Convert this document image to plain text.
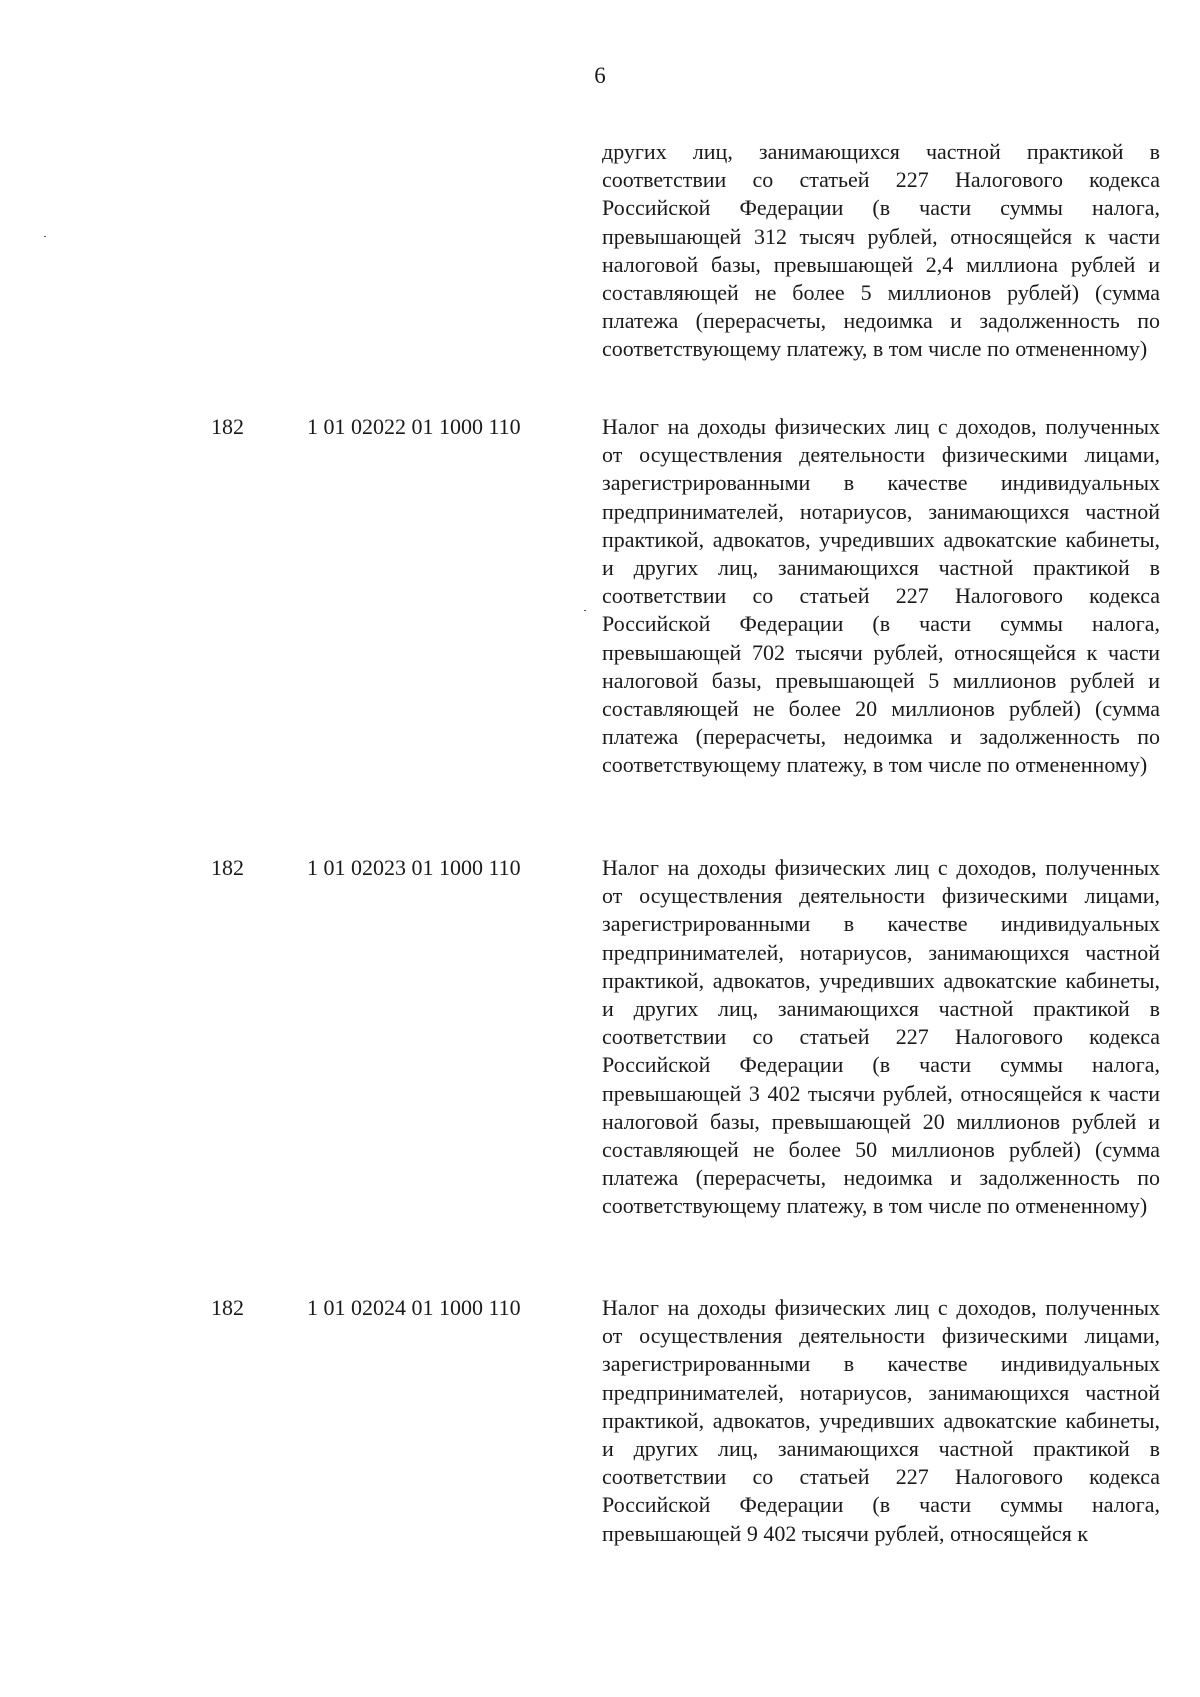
6

других лиц, занимающихся частной практикой в соответствии со статьей 227 Налогового кодекса Российской Федерации (в части суммы налога, превышающей 312 тысяч рублей, относящейся к части налоговой базы, превышающей 2,4 миллиона рублей и составляющей не более 5 миллионов рублей) (сумма платежа (перерасчеты, недоимка и задолженность по соответствующему платежу, в том числе по отмененному)

182	1 01 02022 01 1000 110	Налог на доходы физических лиц с доходов, полученных от осуществления деятельности физическими лицами, зарегистрированными в качестве индивидуальных предпринимателей, нотариусов, занимающихся частной практикой, адвокатов, учредивших адвокатские кабинеты, и других лиц, занимающихся частной практикой в соответствии со статьей 227 Налогового кодекса Российской Федерации (в части суммы налога, превышающей 702 тысячи рублей, относящейся к части налоговой базы, превышающей 5 миллионов рублей и составляющей не более 20 миллионов рублей) (сумма платежа (перерасчеты, недоимка и задолженность по соответствующему платежу, в том числе по отмененному)

182	1 01 02023 01 1000 110	Налог на доходы физических лиц с доходов, полученных от осуществления деятельности физическими лицами, зарегистрированными в качестве индивидуальных предпринимателей, нотариусов, занимающихся частной практикой, адвокатов, учредивших адвокатские кабинеты, и других лиц, занимающихся частной практикой в соответствии со статьей 227 Налогового кодекса Российской Федерации (в части суммы налога, превышающей 3 402 тысячи рублей, относящейся к части налоговой базы, превышающей 20 миллионов рублей и составляющей не более 50 миллионов рублей) (сумма платежа (перерасчеты, недоимка и задолженность по соответствующему платежу, в том числе по отмененному)

182	1 01 02024 01 1000 110	Налог на доходы физических лиц с доходов, полученных от осуществления деятельности физическими лицами, зарегистрированными в качестве индивидуальных предпринимателей, нотариусов, занимающихся частной практикой, адвокатов, учредивших адвокатские кабинеты, и других лиц, занимающихся частной практикой в соответствии со статьей 227 Налогового кодекса Российской Федерации (в части суммы налога, превышающей 9 402 тысячи рублей, относящейся к
